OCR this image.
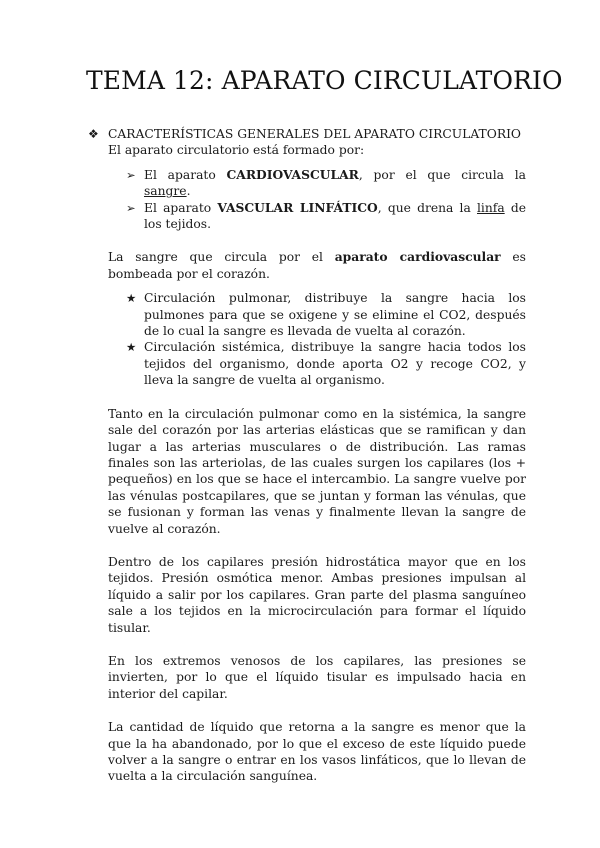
TEMA 12: APARATO CIRCULATORIO
❖ CARACTERÍSTICAS GENERALES DEL APARATO CIRCULATORIO

El aparato circulatorio está formado por:

➢ El aparato CARDIOVASCULAR, por el que circula la sangre.
➢ El aparato VASCULAR LINFÁTICO, que drena la linfa de los tejidos.

La sangre que circula por el aparato cardiovascular es bombeada por el corazón.

★ Circulación pulmonar, distribuye la sangre hacia los pulmones para que se oxigene y se elimine el CO2, después de lo cual la sangre es llevada de vuelta al corazón.
★ Circulación sistémica, distribuye la sangre hacia todos los tejidos del organismo, donde aporta O2 y recoge CO2, y lleva la sangre de vuelta al organismo.

Tanto en la circulación pulmonar como en la sistémica, la sangre sale del corazón por las arterias elásticas que se ramifican y dan lugar a las arterias musculares o de distribución. Las ramas finales son las arteriolas, de las cuales surgen los capilares (los + pequeños) en los que se hace el intercambio. La sangre vuelve por las vénulas postcapilares, que se juntan y forman las vénulas, que se fusionan y forman las venas y finalmente llevan la sangre de vuelve al corazón.

Dentro de los capilares presión hidrostática mayor que en los tejidos. Presión osmótica menor. Ambas presiones impulsan al líquido a salir por los capilares. Gran parte del plasma sanguíneo sale a los tejidos en la microcirculación para formar el líquido tisular.

En los extremos venosos de los capilares, las presiones se invierten, por lo que el líquido tisular es impulsado hacia en interior del capilar.

La cantidad de líquido que retorna a la sangre es menor que la que la ha abandonado, por lo que el exceso de este líquido puede volver a la sangre o entrar en los vasos linfáticos, que lo llevan de vuelta a la circulación sanguínea.
